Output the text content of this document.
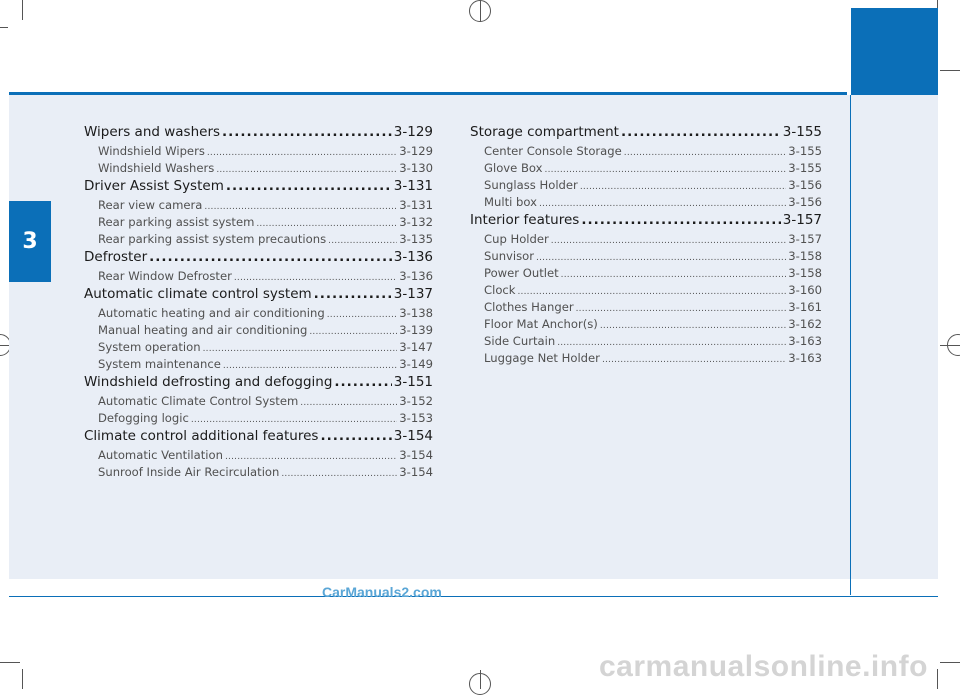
3
Wipers and washers .....	3-129
Windshield Wipers .....	3-129
Windshield Washers .....	3-130
Driver Assist System .....	3-131
Rear view camera .....	3-131
Rear parking assist system .....	3-132
Rear parking assist system precautions .....	3-135
Defroster .....	3-136
Rear Window Defroster .....	3-136
Automatic climate control system .....	3-137
Automatic heating and air conditioning .....	3-138
Manual heating and air conditioning .....	3-139
System operation .....	3-147
System maintenance .....	3-149
Windshield defrosting and defogging .....	3-151
Automatic Climate Control System .....	3-152
Defogging logic .....	3-153
Climate control additional features .....	3-154
Automatic Ventilation .....	3-154
Sunroof Inside Air Recirculation .....	3-154
Storage compartment .....	3-155
Center Console Storage .....	3-155
Glove Box .....	3-155
Sunglass Holder .....	3-156
Multi box .....	3-156
Interior features .....	3-157
Cup Holder .....	3-157
Sunvisor .....	3-158
Power Outlet .....	3-158
Clock .....	3-160
Clothes Hanger .....	3-161
Floor Mat Anchor(s) .....	3-162
Side Curtain .....	3-163
Luggage Net Holder .....	3-163
CarManuals2.com
carmanualsonline.info
